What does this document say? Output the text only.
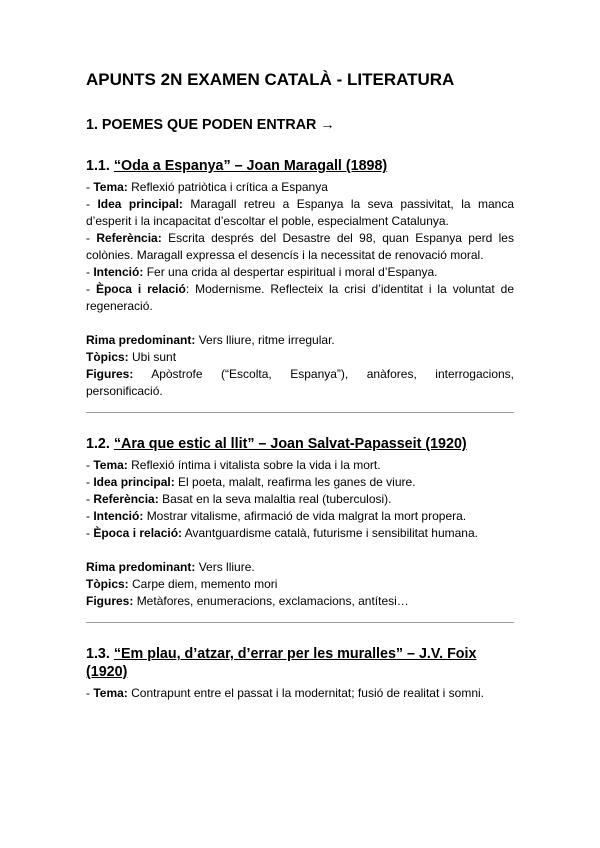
APUNTS 2N EXAMEN CATALÀ - LITERATURA
1. POEMES QUE PODEN ENTRAR →
1.1. “Oda a Espanya” – Joan Maragall (1898)

- Tema: Reflexió patriòtica i crítica a Espanya

- Idea principal: Maragall retreu a Espanya la seva passivitat, la manca d’esperit i la incapacitat d’escoltar el poble, especialment Catalunya.

- Referència: Escrita després del Desastre del 98, quan Espanya perd les colònies. Maragall expressa el desencís i la necessitat de renovació moral.

- Intenció: Fer una crida al despertar espiritual i moral d’Espanya.

- Època i relació: Modernisme. Reflecteix la crisi d’identitat i la voluntat de regeneració.

Rima predominant: Vers lliure, ritme irregular.

Tòpics: Ubi sunt

Figures: Apòstrofe (“Escolta, Espanya”), anàfores, interrogacions, personificació.

1.2. “Ara que estic al llit” – Joan Salvat-Papasseit (1920)

- Tema: Reflexió íntima i vitalista sobre la vida i la mort.

- Idea principal: El poeta, malalt, reafirma les ganes de viure.

- Referència: Basat en la seva malaltia real (tuberculosi).

- Intenció: Mostrar vitalisme, afirmació de vida malgrat la mort propera.

- Època i relació: Avantguardisme català, futurisme i sensibilitat humana.

Rima predominant: Vers lliure.

Tòpics: Carpe diem, memento mori

Figures: Metàfores, enumeracions, exclamacions, antítesi…

1.3. “Em plau, d’atzar, d’errar per les muralles” – J.V. Foix (1920)

- Tema: Contrapunt entre el passat i la modernitat; fusió de realitat i somni.
